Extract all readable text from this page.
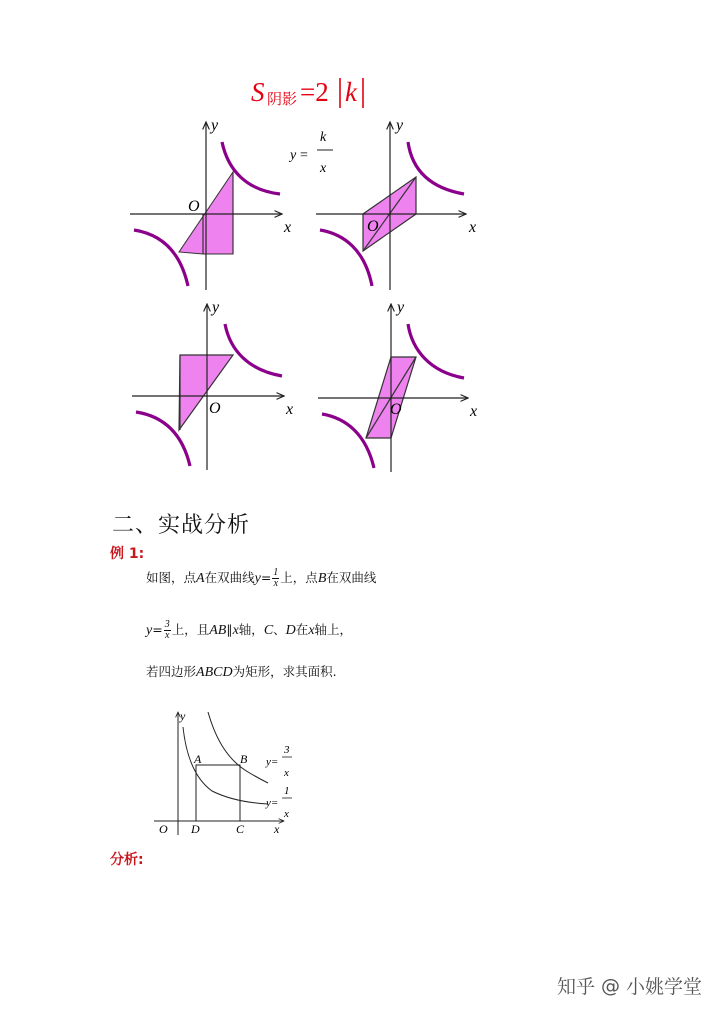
S 阴影 =2 k
x
y
O
y =
k
x
x
y
O
x
y
O	x
y
O
二、实战分析
例 1:
如图，点A在双曲线$y= \frac{1}{x}$ 上，点B在双曲线
$y= \frac{3}{x}$ 上，且AB∥x轴，C、D在x轴上，
若四边形ABCD为矩形，求其面积.
y
x
O
A	B
C
D
y=
3
x
y=
1
x
分析:
知乎 @ 小姚学堂
